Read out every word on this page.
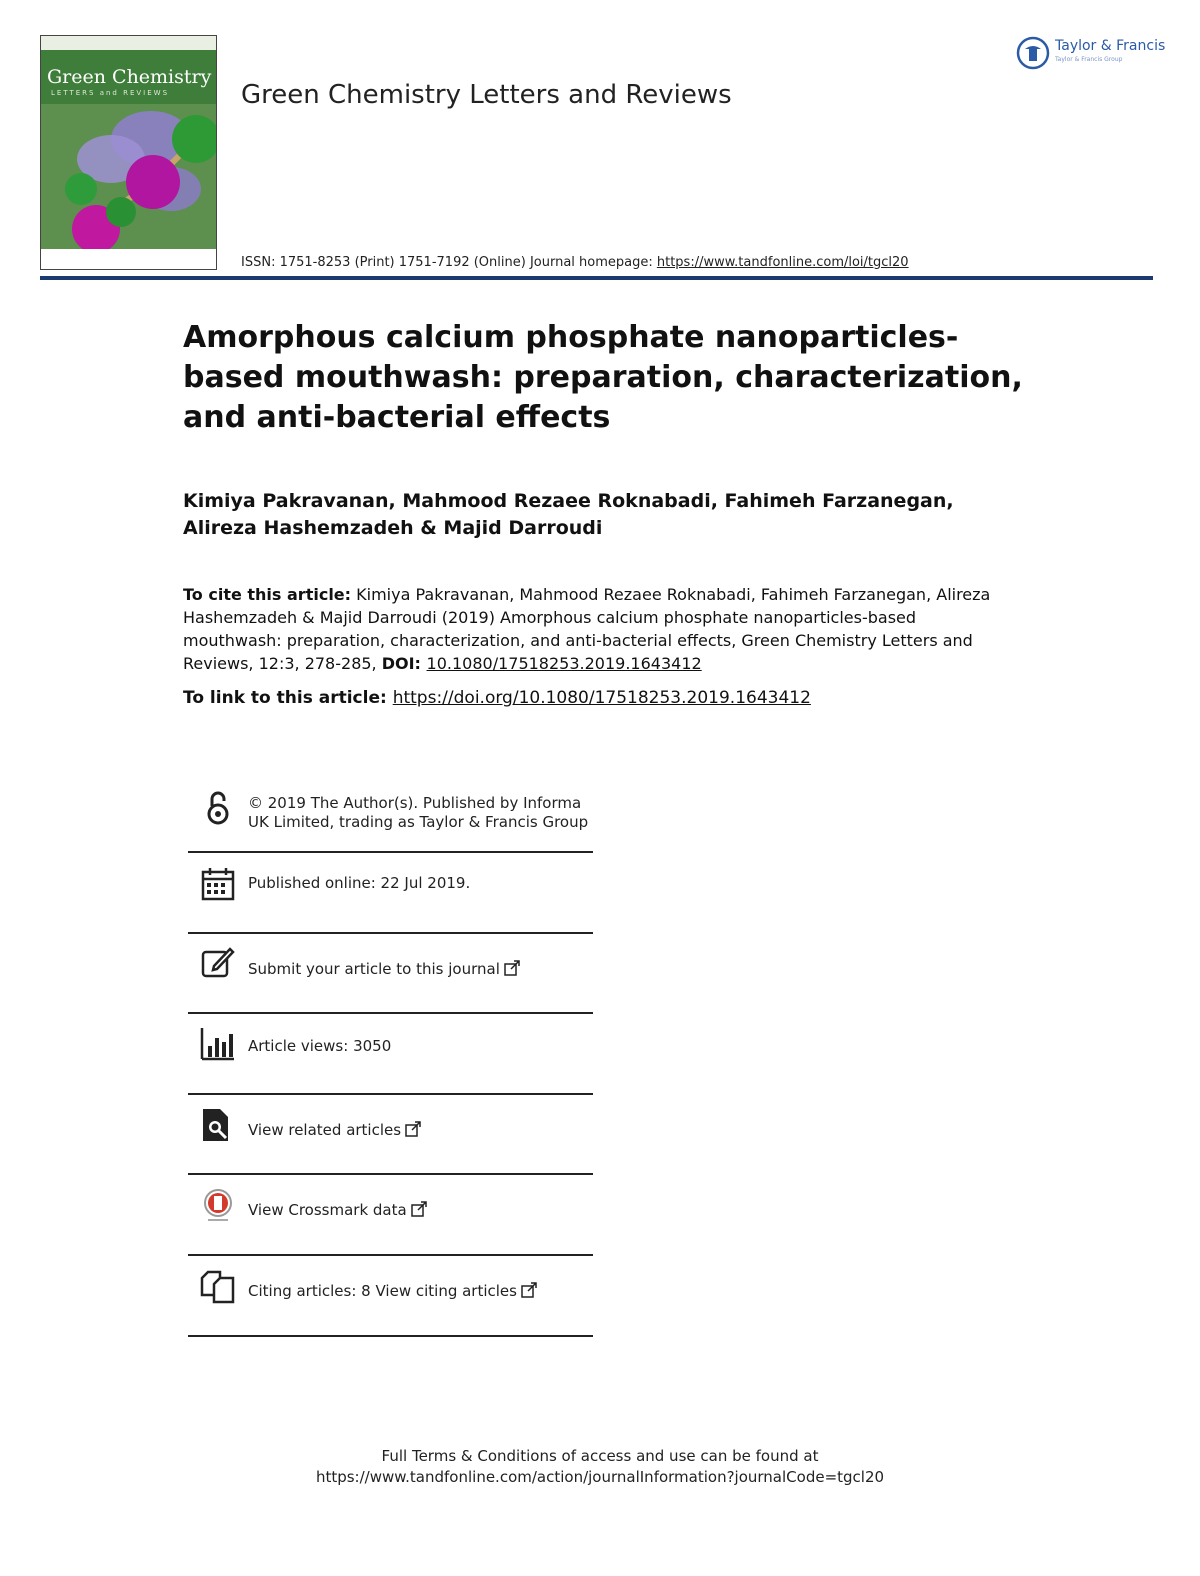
Green Chemistry
LETTERS and REVIEWS	Green Chemistry Letters and Reviews
ISSN: 1751-8253 (Print) 1751-7192 (Online) Journal homepage: https://www.tandfonline.com/loi/tgcl20
Taylor & Francis
Taylor & Francis Group
Amorphous calcium phosphate nanoparticles-based mouthwash: preparation, characterization, and anti-bacterial effects
Kimiya Pakravanan, Mahmood Rezaee Roknabadi, Fahimeh Farzanegan, Alireza Hashemzadeh & Majid Darroudi
To cite this article: Kimiya Pakravanan, Mahmood Rezaee Roknabadi, Fahimeh Farzanegan, Alireza Hashemzadeh & Majid Darroudi (2019) Amorphous calcium phosphate nanoparticles-based mouthwash: preparation, characterization, and anti-bacterial effects, Green Chemistry Letters and Reviews, 12:3, 278-285, DOI: 10.1080/17518253.2019.1643412
To link to this article: https://doi.org/10.1080/17518253.2019.1643412
© 2019 The Author(s). Published by Informa UK Limited, trading as Taylor & Francis Group
Published online: 22 Jul 2019.
Submit your article to this journal
Article views: 3050
View related articles
View Crossmark data
Citing articles: 8 View citing articles
Full Terms & Conditions of access and use can be found at
https://www.tandfonline.com/action/journalInformation?journalCode=tgcl20
